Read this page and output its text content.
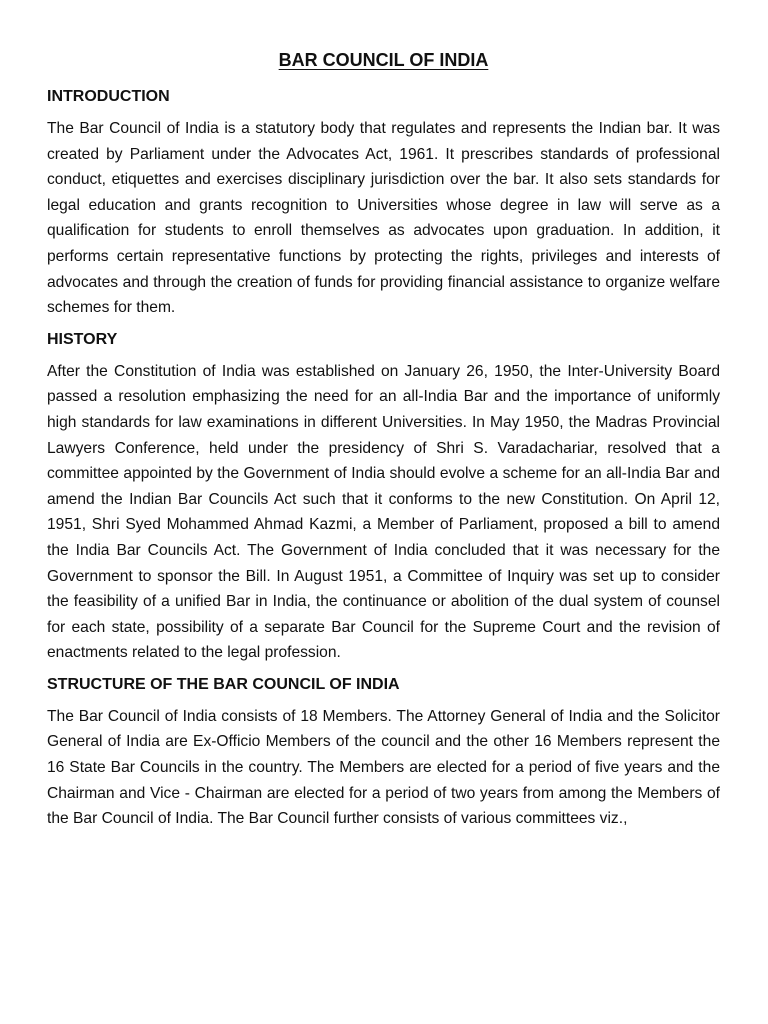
BAR COUNCIL OF INDIA
INTRODUCTION

The Bar Council of India is a statutory body that regulates and represents the Indian bar. It was created by Parliament under the Advocates Act, 1961. It prescribes standards of professional conduct, etiquettes and exercises disciplinary jurisdiction over the bar. It also sets standards for legal education and grants recognition to Universities whose degree in law will serve as a qualification for students to enroll themselves as advocates upon graduation. In addition, it performs certain representative functions by protecting the rights, privileges and interests of advocates and through the creation of funds for providing financial assistance to organize welfare schemes for them.

HISTORY

After the Constitution of India was established on January 26, 1950, the Inter-University Board passed a resolution emphasizing the need for an all-India Bar and the importance of uniformly high standards for law examinations in different Universities. In May 1950, the Madras Provincial Lawyers Conference, held under the presidency of Shri S. Varadachariar, resolved that a committee appointed by the Government of India should evolve a scheme for an all-India Bar and amend the Indian Bar Councils Act such that it conforms to the new Constitution. On April 12, 1951, Shri Syed Mohammed Ahmad Kazmi, a Member of Parliament, proposed a bill to amend the India Bar Councils Act. The Government of India concluded that it was necessary for the Government to sponsor the Bill. In August 1951, a Committee of Inquiry was set up to consider the feasibility of a unified Bar in India, the continuance or abolition of the dual system of counsel for each state, possibility of a separate Bar Council for the Supreme Court and the revision of enactments related to the legal profession.

STRUCTURE OF THE BAR COUNCIL OF INDIA

The Bar Council of India consists of 18 Members. The Attorney General of India and the Solicitor General of India are Ex-Officio Members of the council and the other 16 Members represent the 16 State Bar Councils in the country. The Members are elected for a period of five years and the Chairman and Vice - Chairman are elected for a period of two years from among the Members of the Bar Council of India. The Bar Council further consists of various committees viz.,
